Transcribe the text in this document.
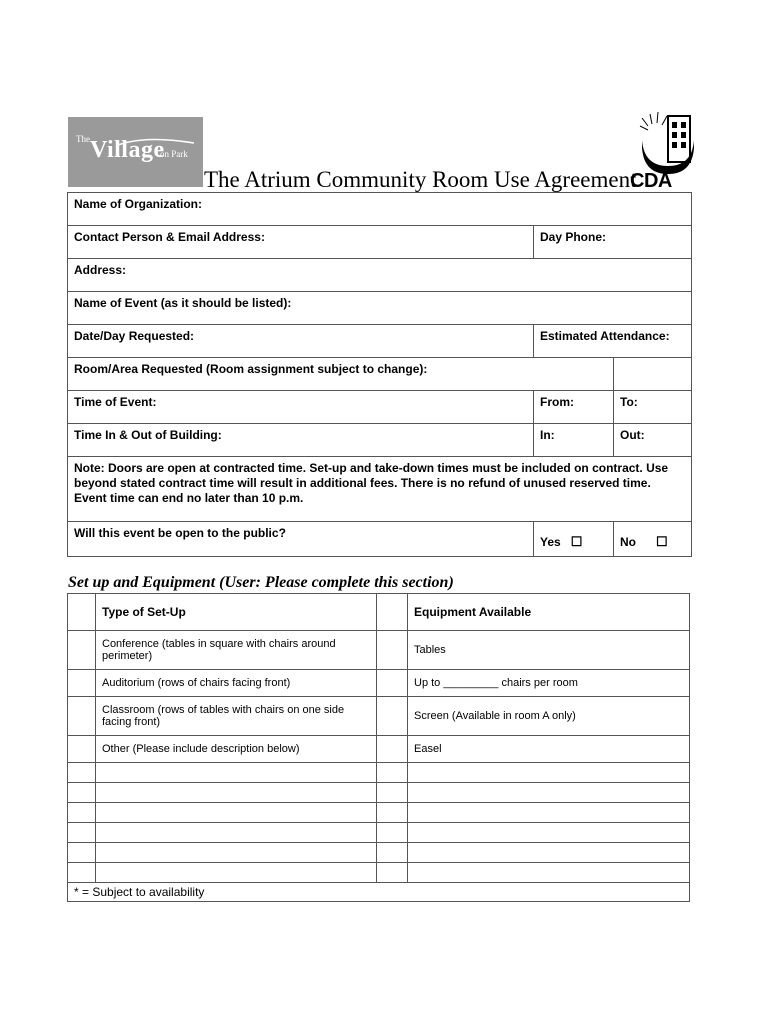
The Village
on Park
The Atrium Community Room Use Agreement
CDA
Name of Organization:		
Contact Person & Email Address:	Day Phone:	
Address:		
Name of Event (as it should be listed):		
Date/Day Requested:	Estimated Attendance:	
Room/Area Requested (Room assignment subject to change):		
Time of Event:	From:	To:
Time In & Out of Building:	In:	Out:

Note: Doors are open at contracted time. Set-up and take-down times must be included on contract. Use beyond stated contract time will result in additional fees. There is no refund of unused reserved time. Event time can end no later than 10 p.m.		

Will this event be open to the public?	Yes ☐	No ☐
Set up and Equipment (User: Please complete this section)
	Type of Set-Up		Equipment Available
	Conference (tables in square with chairs around perimeter)		Tables
	Auditorium (rows of chairs facing front)		Up to _________ chairs per room
	Classroom (rows of tables with chairs on one side facing front)		Screen (Available in room A only)
	Other (Please include description below)		Easel

* = Subject to availability			
